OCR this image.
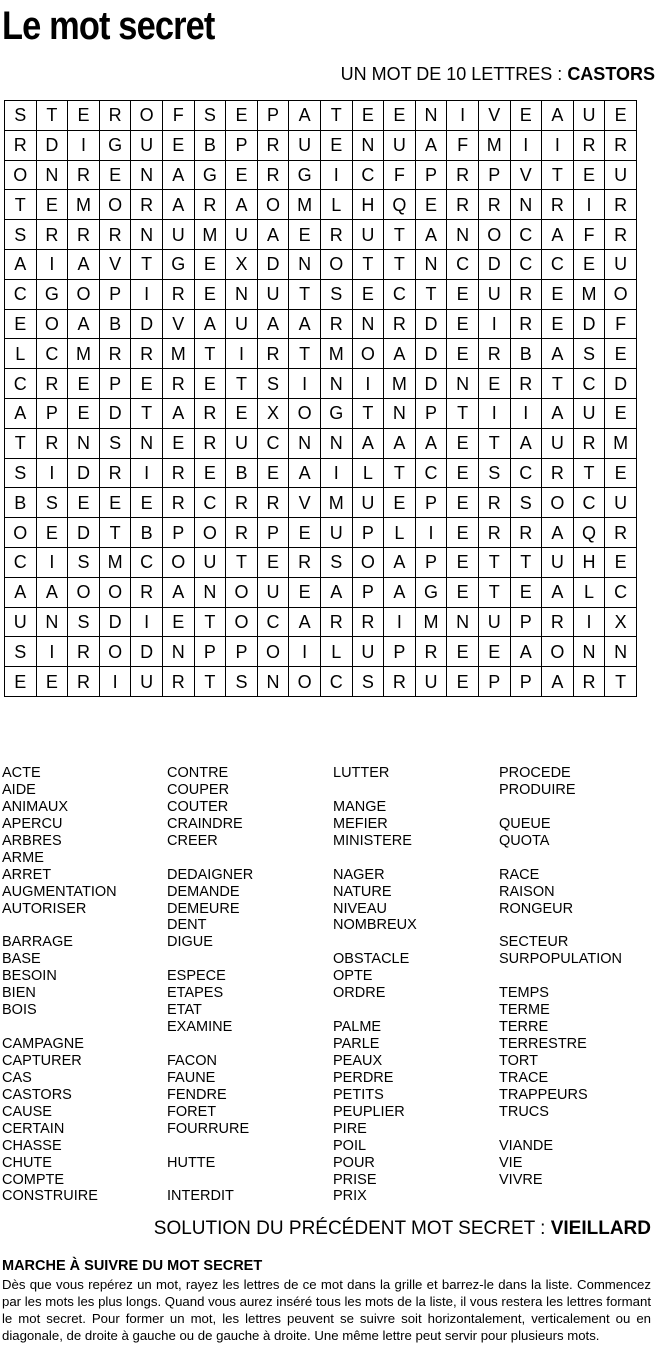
Le mot secret
UN MOT DE 10 LETTRES : CASTORS
S	T	E	R	O	F	S	E	P	A	T	E	E	N	I	V	E	A	U	E
R	D	I	G	U	E	B	P	R	U	E	N	U	A	F	M	I	I	R	R
O	N	R	E	N	A	G	E	R	G	I	C	F	P	R	P	V	T	E	U
T	E	M	O	R	A	R	A	O	M	L	H	Q	E	R	R	N	R	I	R
S	R	R	R	N	U	M	U	A	E	R	U	T	A	N	O	C	A	F	R
A	I	A	V	T	G	E	X	D	N	O	T	T	N	C	D	C	C	E	U
C	G	O	P	I	R	E	N	U	T	S	E	C	T	E	U	R	E	M	O
E	O	A	B	D	V	A	U	A	A	R	N	R	D	E	I	R	E	D	F
L	C	M	R	R	M	T	I	R	T	M	O	A	D	E	R	B	A	S	E
C	R	E	P	E	R	E	T	S	I	N	I	M	D	N	E	R	T	C	D
A	P	E	D	T	A	R	E	X	O	G	T	N	P	T	I	I	A	U	E
T	R	N	S	N	E	R	U	C	N	N	A	A	A	E	T	A	U	R	M
S	I	D	R	I	R	E	B	E	A	I	L	T	C	E	S	C	R	T	E
B	S	E	E	E	R	C	R	R	V	M	U	E	P	E	R	S	O	C	U
O	E	D	T	B	P	O	R	P	E	U	P	L	I	E	R	R	A	Q	R
C	I	S	M	C	O	U	T	E	R	S	O	A	P	E	T	T	U	H	E
A	A	O	O	R	A	N	O	U	E	A	P	A	G	E	T	E	A	L	C
U	N	S	D	I	E	T	O	C	A	R	R	I	M	N	U	P	R	I	X
S	I	R	O	D	N	P	P	O	I	L	U	P	R	E	E	A	O	N	N
E	E	R	I	U	R	T	S	N	O	C	S	R	U	E	P	P	A	R	T
ACTE
AIDE
ANIMAUX
APERCU
ARBRES
ARME
ARRET
AUGMENTATION
AUTORISER
BARRAGE
BASE
BESOIN
BIEN
BOIS
CAMPAGNE
CAPTURER
CAS
CASTORS
CAUSE
CERTAIN
CHASSE
CHUTE
COMPTE
CONSTRUIRE
CONTRE
COUPER
COUTER
CRAINDRE
CREER
DEDAIGNER
DEMANDE
DEMEURE
DENT
DIGUE
ESPECE
ETAPES
ETAT
EXAMINE
FACON
FAUNE
FENDRE
FORET
FOURRURE
HUTTE
INTERDIT
LUTTER
MANGE
MEFIER
MINISTERE
NAGER
NATURE
NIVEAU
NOMBREUX
OBSTACLE
OPTE
ORDRE
PALME
PARLE
PEAUX
PERDRE
PETITS
PEUPLIER
PIRE
POIL
POUR
PRISE
PRIX
PROCEDE
PRODUIRE
QUEUE
QUOTA
RACE
RAISON
RONGEUR
SECTEUR
SURPOPULATION
TEMPS
TERME
TERRE
TERRESTRE
TORT
TRACE
TRAPPEURS
TRUCS
VIANDE
VIE
VIVRE
SOLUTION DU PRÉCÉDENT MOT SECRET : VIEILLARD
MARCHE À SUIVRE DU MOT SECRET

Dès que vous repérez un mot, rayez les lettres de ce mot dans la grille et barrez-le dans la liste. Commencez par les mots les plus longs. Quand vous aurez inséré tous les mots de la liste, il vous restera les lettres formant le mot secret. Pour former un mot, les lettres peuvent se suivre soit horizontalement, verticalement ou en diagonale, de droite à gauche ou de gauche à droite. Une même lettre peut servir pour plusieurs mots.
